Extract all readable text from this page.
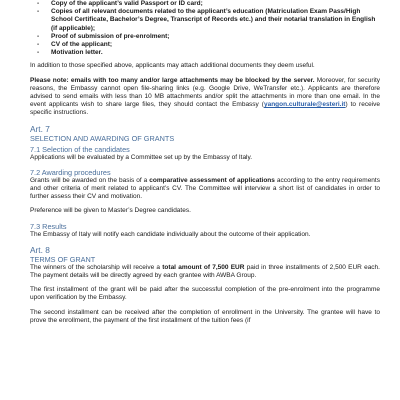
- Copy of the applicant’s valid Passport or ID card;
- Copies of all relevant documents related to the applicant’s education (Matriculation Exam Pass/High School Certificate, Bachelor’s Degree, Transcript of Records etc.) and their notarial translation in English (if applicable);
- Proof of submission of pre-enrolment;
- CV of the applicant;
- Motivation letter.

In addition to those specified above, applicants may attach additional documents they deem useful.

Please note: emails with too many and/or large attachments may be blocked by the server. Moreover, for security reasons, the Embassy cannot open file-sharing links (e.g. Google Drive, WeTransfer etc.). Applicants are therefore advised to send emails with less than 10 MB attachments and/or split the attachments in more than one email. In the event applicants wish to share large files, they should contact the Embassy (yangon.culturale@esteri.it) to receive specific instructions.

Art. 7
SELECTION AND AWARDING OF GRANTS
7.1 Selection of the candidates

Applications will be evaluated by a Committee set up by the Embassy of Italy.

7.2 Awarding procedures

Grants will be awarded on the basis of a comparative assessment of applications according to the entry requirements and other criteria of merit related to applicant’s CV. The Committee will interview a short list of candidates in order to further assess their CV and motivation.

Preference will be given to Master’s Degree candidates.

7.3 Results

The Embassy of Italy will notify each candidate individually about the outcome of their application.

Art. 8
TERMS OF GRANT

The winners of the scholarship will receive a total amount of 7,500 EUR paid in three installments of 2,500 EUR each. The payment details will be directly agreed by each grantee with AWBA Group.

The first installment of the grant will be paid after the successful completion of the pre-enrolment into the programme upon verification by the Embassy.

The second installment can be received after the completion of enrollment in the University. The grantee will have to prove the enrollment, the payment of the first installment of the tuition fees (if
